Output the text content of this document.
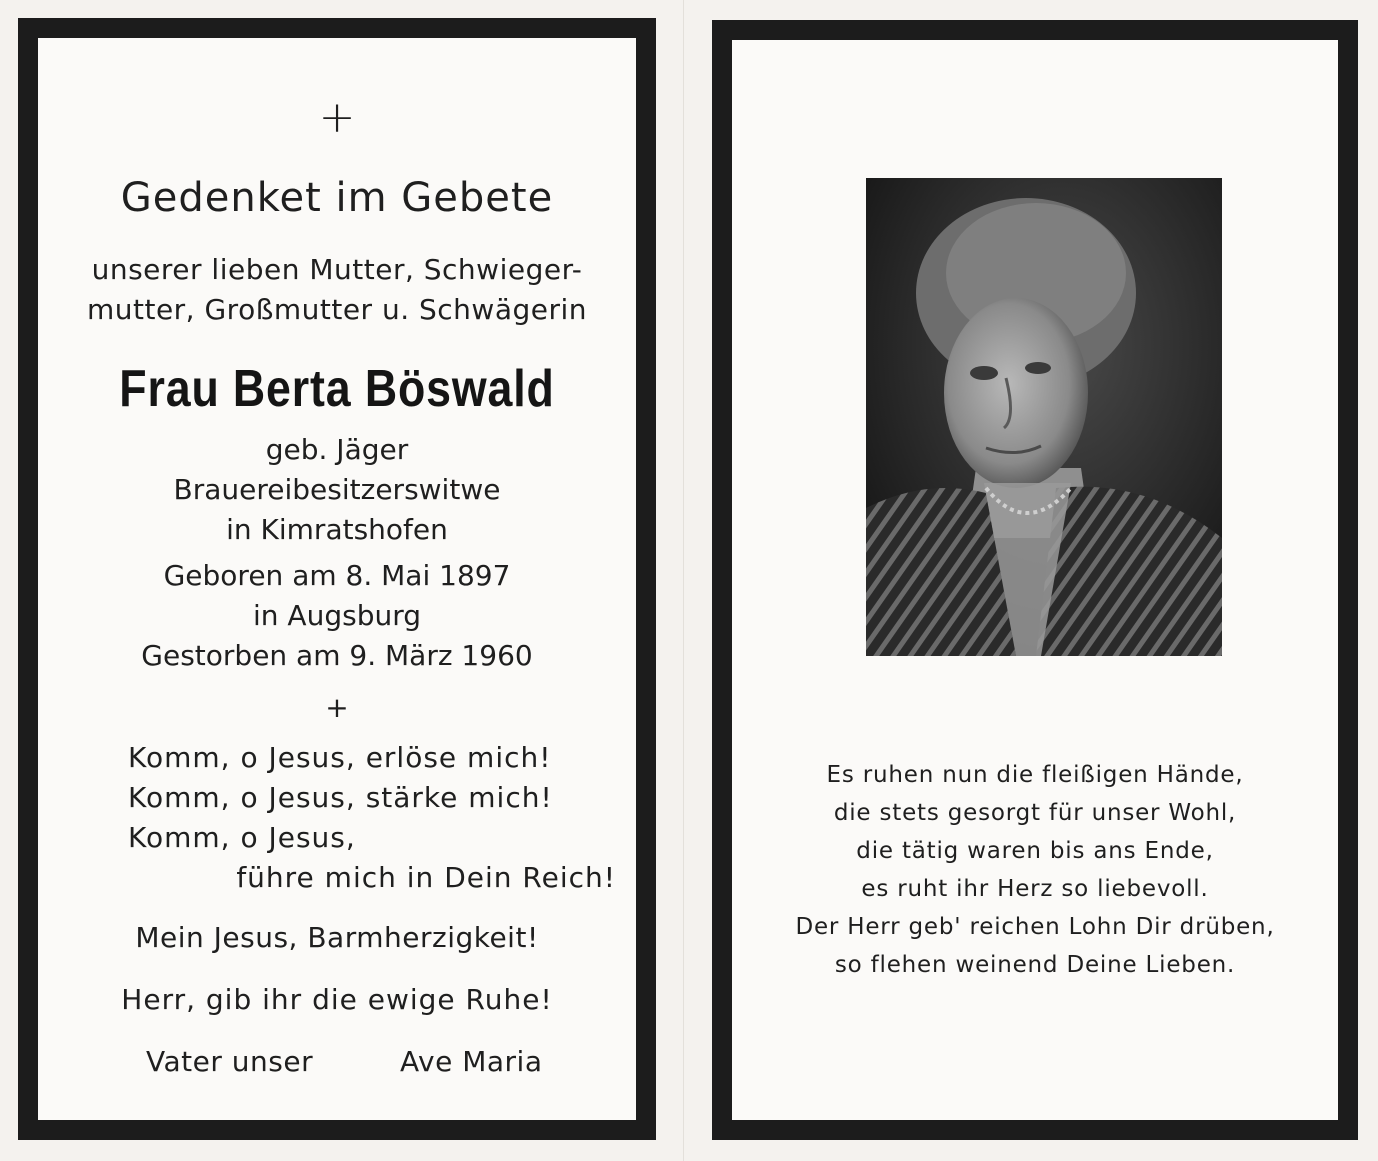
+
Gedenket im Gebete
unserer lieben Mutter, Schwieger-
mutter, Großmutter u. Schwägerin
Frau Berta Böswald
geb. Jäger
Brauereibesitzerswitwe
in Kimratshofen
Geboren am 8. Mai 1897
in Augsburg
Gestorben am 9. März 1960
+
Komm, o Jesus, erlöse mich!
Komm, o Jesus, stärke mich!
Komm, o Jesus,
führe mich in Dein Reich!
Mein Jesus, Barmherzigkeit!
Herr, gib ihr die ewige Ruhe!
Vater unser	Ave Maria
Es ruhen nun die fleißigen Hände,
die stets gesorgt für unser Wohl,
die tätig waren bis ans Ende,
es ruht ihr Herz so liebevoll.
Der Herr geb' reichen Lohn Dir drüben,
so flehen weinend Deine Lieben.
